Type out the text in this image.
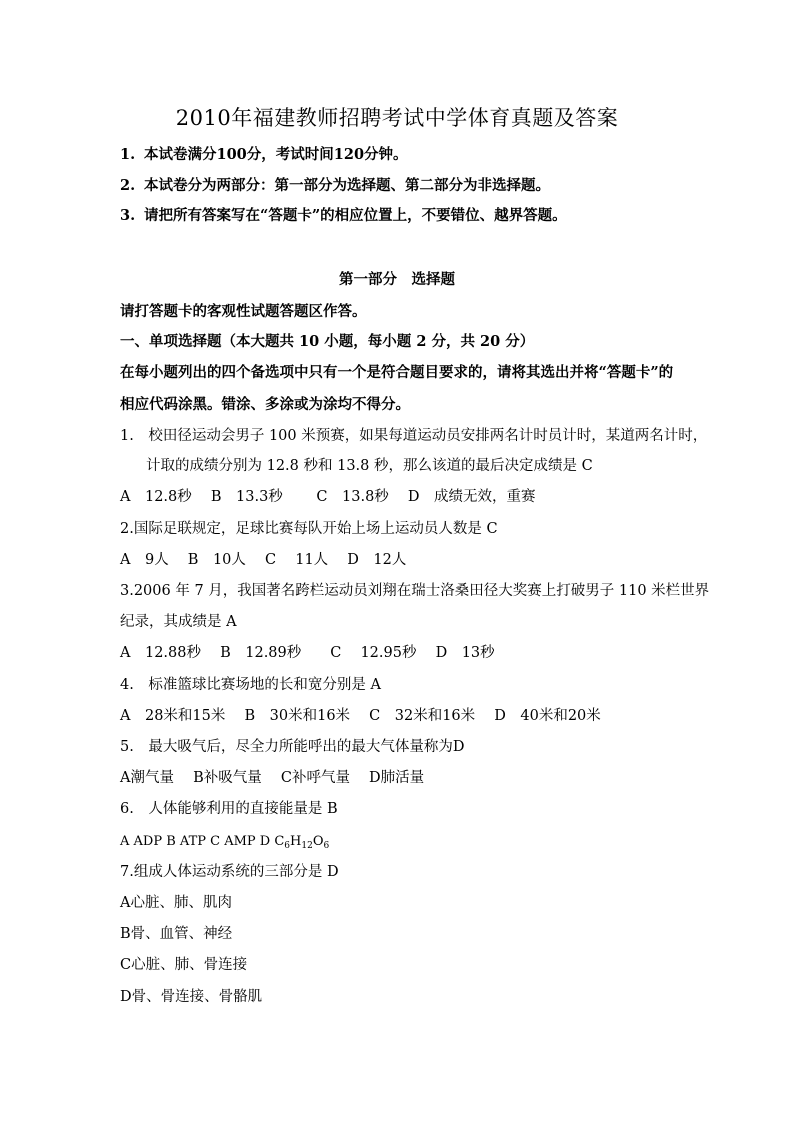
2010年福建教师招聘考试中学体育真题及答案
1. 本试卷满分100分，考试时间120分钟。
2. 本试卷分为两部分：第一部分为选择题、第二部分为非选择题。
3. 请把所有答案写在“答题卡”的相应位置上，不要错位、越界答题。
第一部分　选择题
请打答题卡的客观性试题答题区作答。
一、单项选择题（本大题共 10 小题，每小题 2 分，共 20 分）
在每小题列出的四个备选项中只有一个是符合题目要求的，请将其选出并将“答题卡”的
相应代码涂黑。错涂、多涂或为涂均不得分。
1.　校田径运动会男子 100 米预赛，如果每道运动员安排两名计时员计时，某道两名计时，
计取的成绩分别为 12.8 秒和 13.8 秒，那么该道的最后决定成绩是 C
A　12.8秒　 B　13.3秒　 　C　13.8秒　 D　成绩无效，重赛
2.国际足联规定，足球比赛每队开始上场上运动员人数是 C
A　9人　 B　10人　 C　 11人　 D　12人
3.2006 年 7 月，我国著名跨栏运动员刘翔在瑞士洛桑田径大奖赛上打破男子 110 米栏世界
纪录，其成绩是 A
A　12.88秒　 B　12.89秒　　C　 12.95秒　 D　13秒
4.　标准篮球比赛场地的长和宽分别是 A
A　28米和15米　 B　30米和16米　 C　32米和16米　 D　40米和20米
5.　最大吸气后，尽全力所能呼出的最大气体量称为D
A潮气量　 B补吸气量　 C补呼气量　 D肺活量
6.　人体能够利用的直接能量是 B
A ADP B ATP C AMP D $C_6H_{12}O_6$
7.组成人体运动系统的三部分是 D
A心脏、肺、肌肉
B骨、血管、神经
C心脏、肺、骨连接
D骨、骨连接、骨骼肌
